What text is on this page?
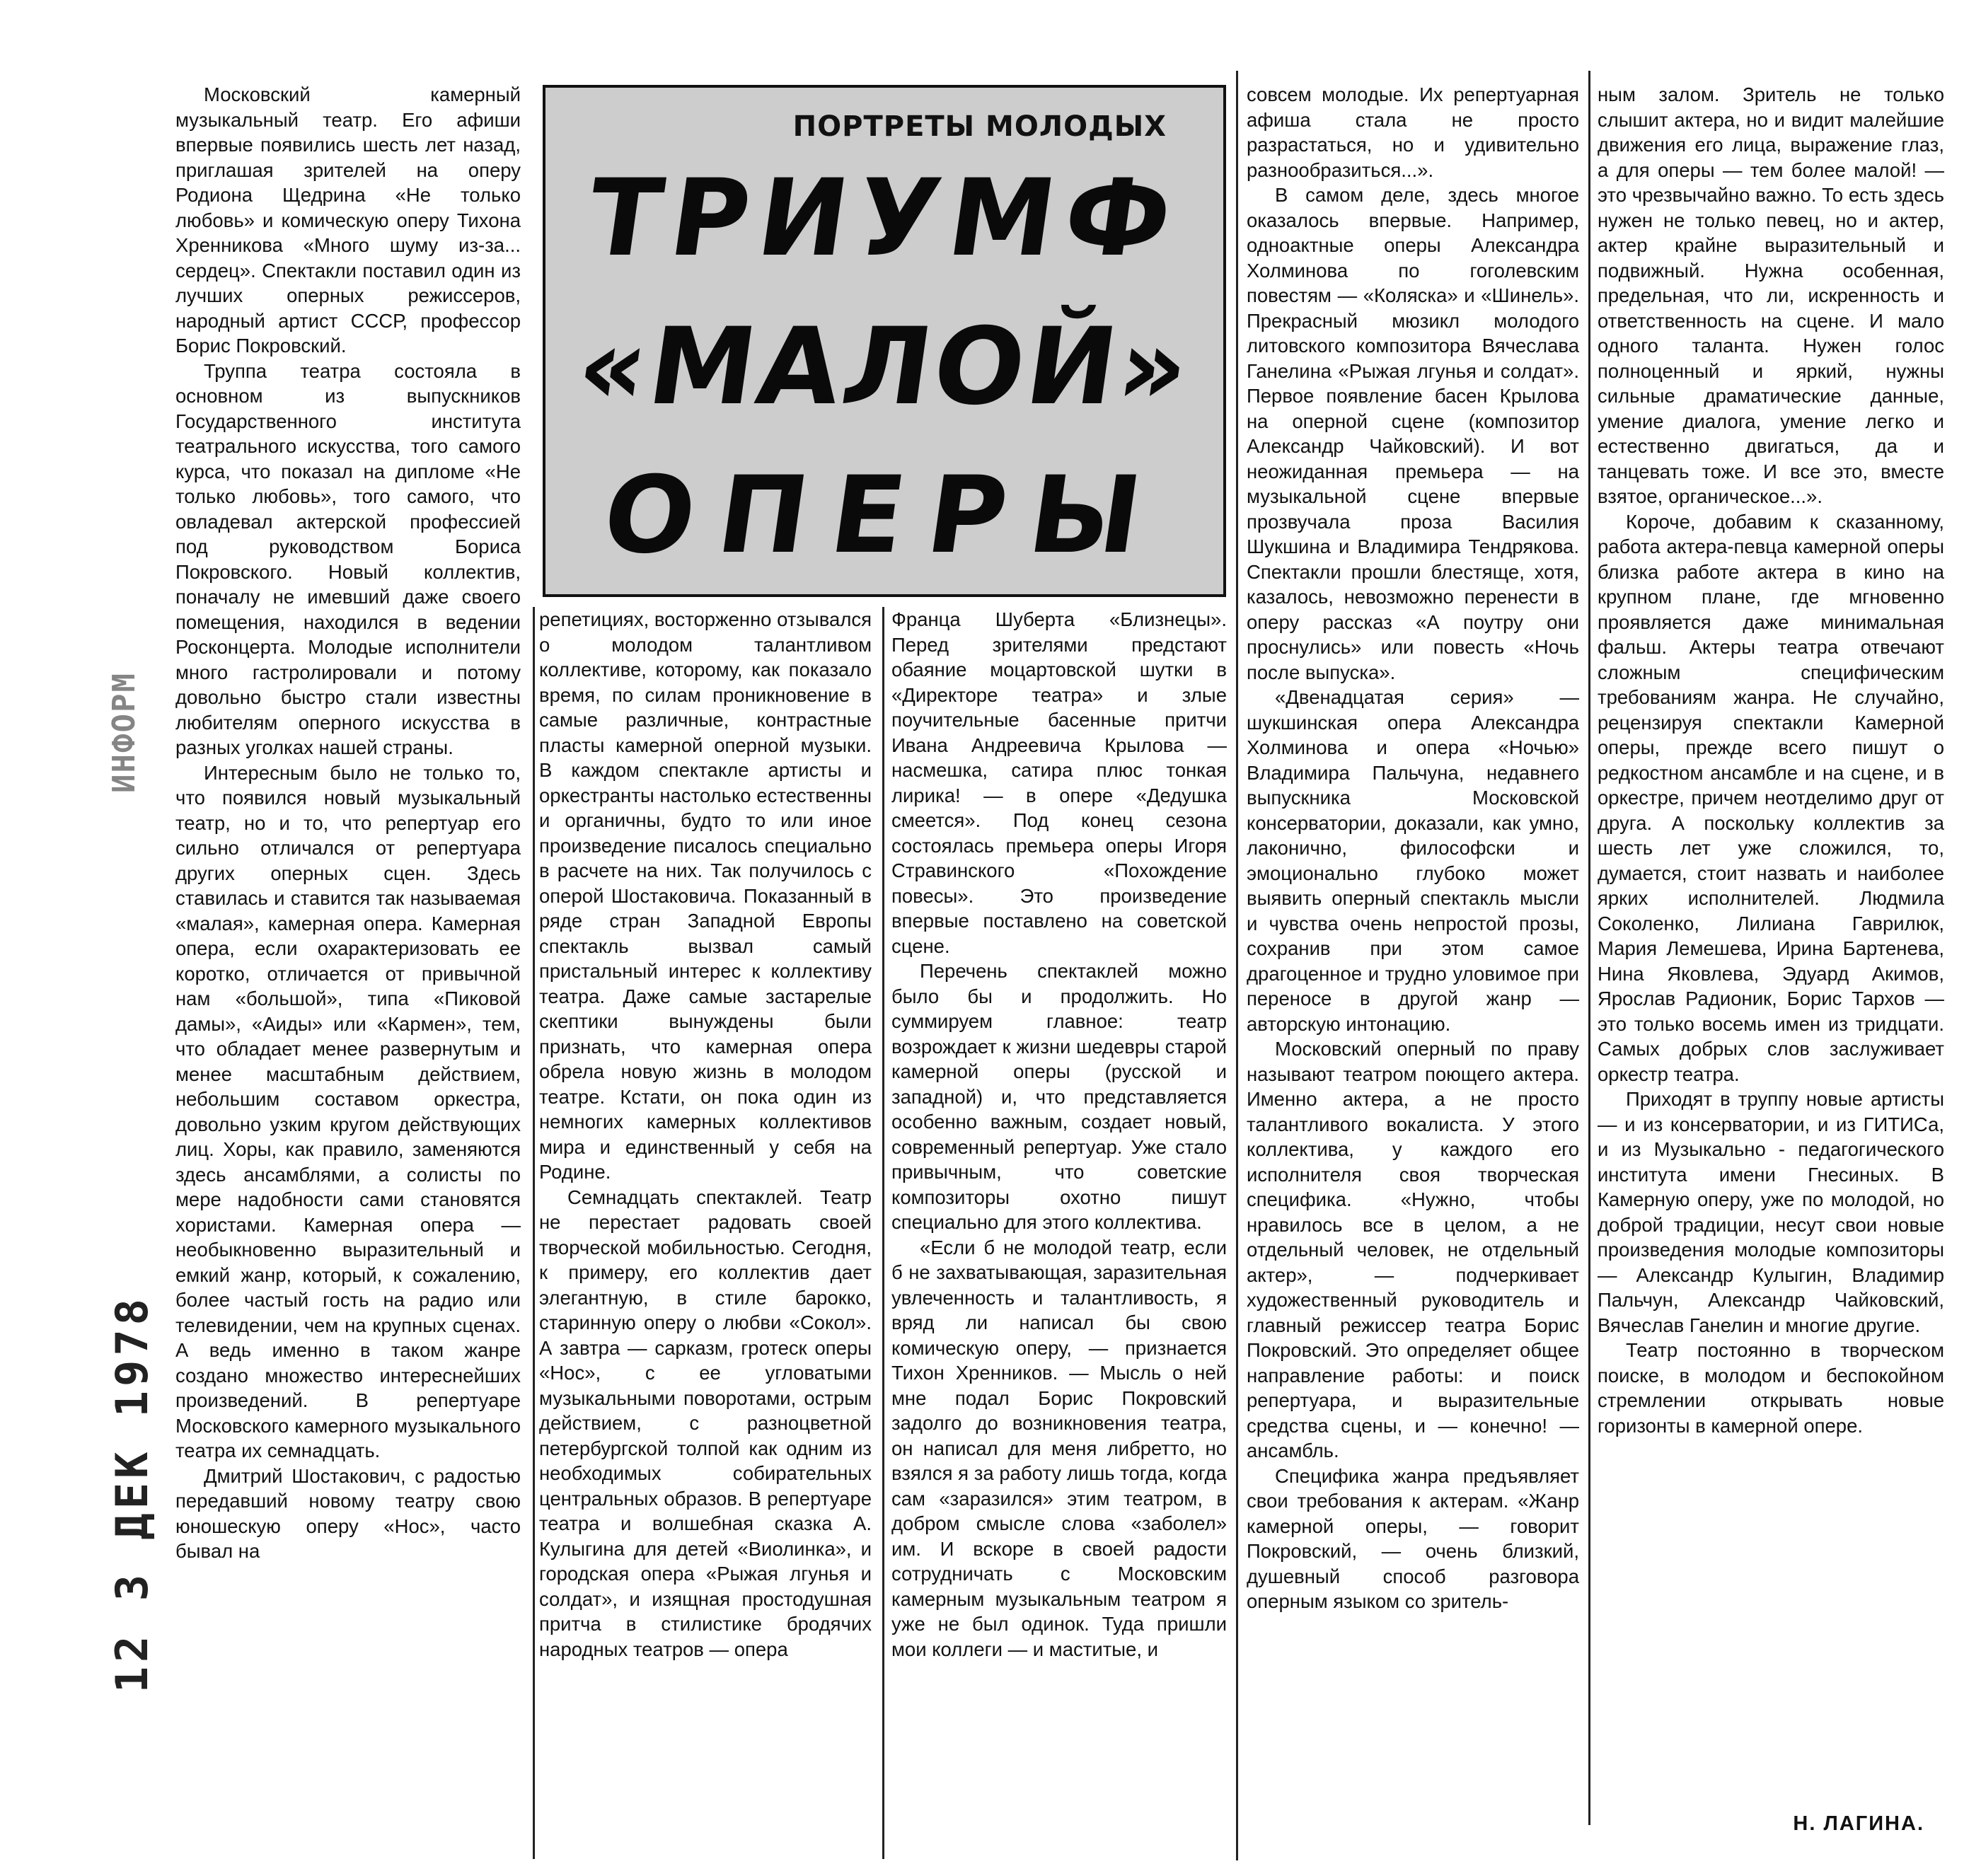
ПОРТРЕТЫ МОЛОДЫХ
ТРИУМФ
«МАЛОЙ»
ОПЕРЫ
ИНФОРМ
12 3 ДЕК 1978

Московский камерный музыкальный театр. Его афиши впервые появились шесть лет назад, приглашая зрителей на оперу Родиона Щедрина «Не только любовь» и комическую оперу Тихона Хренникова «Много шуму из-за... сердец». Спектакли поставил один из лучших оперных режиссеров, народный артист СССР, профессор Борис Покровский.

Труппа театра состояла в основном из выпускников Государственного института театрального искусства, того самого курса, что показал на дипломе «Не только любовь», того самого, что овладевал актерской профессией под руководством Бориса Покровского. Новый коллектив, поначалу не имевший даже своего помещения, находился в ведении Росконцерта. Молодые исполнители много гастролировали и потому довольно быстро стали известны любителям оперного искусства в разных уголках нашей страны.

Интересным было не только то, что появился новый музыкальный театр, но и то, что репертуар его сильно отличался от репертуара других оперных сцен. Здесь ставилась и ставится так называемая «малая», камерная опера. Камерная опера, если охарактеризовать ее коротко, отличается от привычной нам «большой», типа «Пиковой дамы», «Аиды» или «Кармен», тем, что обладает менее развернутым и менее масштабным действием, небольшим составом оркестра, довольно узким кругом действующих лиц. Хоры, как правило, заменяются здесь ансамблями, а солисты по мере надобности сами становятся хористами. Камерная опера — необыкновенно выразительный и емкий жанр, который, к сожалению, более частый гость на радио или телевидении, чем на крупных сценах. А ведь именно в таком жанре создано множество интереснейших произведений. В репертуаре Московского камерного музыкального театра их семнадцать.

Дмитрий Шостакович, с радостью передавший новому театру свою юношескую оперу «Нос», часто бывал на

репетициях, восторженно отзывался о молодом талантливом коллективе, которому, как показало время, по силам проникновение в самые различные, контрастные пласты камерной оперной музыки. В каждом спектакле артисты и оркестранты настолько естественны и органичны, будто то или иное произведение писалось специально в расчете на них. Так получилось с оперой Шостаковича. Показанный в ряде стран Западной Европы спектакль вызвал самый пристальный интерес к коллективу театра. Даже самые застарелые скептики вынуждены были признать, что камерная опера обрела новую жизнь в молодом театре. Кстати, он пока один из немногих камерных коллективов мира и единственный у себя на Родине.

Семнадцать спектаклей. Театр не перестает радовать своей творческой мобильностью. Сегодня, к примеру, его коллектив дает элегантную, в стиле барокко, старинную оперу о любви «Сокол». А завтра — сарказм, гротеск оперы «Нос», с ее угловатыми музыкальными поворотами, острым действием, с разноцветной петербургской толпой как одним из необходимых собирательных центральных образов. В репертуаре театра и волшебная сказка А. Кулыгина для детей «Виолинка», и городская опера «Рыжая лгунья и солдат», и изящная простодушная притча в стилистике бродячих народных театров — опера

Франца Шуберта «Близнецы». Перед зрителями предстают обаяние моцартовской шутки в «Директоре театра» и злые поучительные басенные притчи Ивана Андреевича Крылова — насмешка, сатира плюс тонкая лирика! — в опере «Дедушка смеется». Под конец сезона состоялась премьера оперы Игоря Стравинского «Похождение повесы». Это произведение впервые поставлено на советской сцене.

Перечень спектаклей можно было бы и продолжить. Но суммируем главное: театр возрождает к жизни шедевры старой камерной оперы (русской и западной) и, что представляется особенно важным, создает новый, современный репертуар. Уже стало привычным, что советские композиторы охотно пишут специально для этого коллектива.

«Если б не молодой театр, если б не захватывающая, заразительная увлеченность и талантливость, я вряд ли написал бы свою комическую оперу, — признается Тихон Хренников. — Мысль о ней мне подал Борис Покровский задолго до возникновения театра, он написал для меня либретто, но взялся я за работу лишь тогда, когда сам «заразился» этим театром, в добром смысле слова «заболел» им. И вскоре в своей радости сотрудничать с Московским камерным музыкальным театром я уже не был одинок. Туда пришли мои коллеги — и маститые, и

совсем молодые. Их репертуарная афиша стала не просто разрастаться, но и удивительно разнообразиться...».

В самом деле, здесь многое оказалось впервые. Например, одноактные оперы Александра Холминова по гоголевским повестям — «Коляска» и «Шинель». Прекрасный мюзикл молодого литовского композитора Вячеслава Ганелина «Рыжая лгунья и солдат». Первое появление басен Крылова на оперной сцене (композитор Александр Чайковский). И вот неожиданная премьера — на музыкальной сцене впервые прозвучала проза Василия Шукшина и Владимира Тендрякова. Спектакли прошли блестяще, хотя, казалось, невозможно перенести в оперу рассказ «А поутру они проснулись» или повесть «Ночь после выпуска».

«Двенадцатая серия» — шукшинская опера Александра Холминова и опера «Ночью» Владимира Пальчуна, недавнего выпускника Московской консерватории, доказали, как умно, лаконично, философски и эмоционально глубоко может выявить оперный спектакль мысли и чувства очень непростой прозы, сохранив при этом самое драгоценное и трудно уловимое при переносе в другой жанр — авторскую интонацию.

Московский оперный по праву называют театром поющего актера. Именно актера, а не просто талантливого вокалиста. У этого коллектива, у каждого его исполнителя своя творческая специфика. «Нужно, чтобы нравилось все в целом, а не отдельный человек, не отдельный актер», — подчеркивает художественный руководитель и главный режиссер театра Борис Покровский. Это определяет общее направление работы: и поиск репертуара, и выразительные средства сцены, и — конечно! — ансамбль.

Специфика жанра предъявляет свои требования к актерам. «Жанр камерной оперы, — говорит Покровский, — очень близкий, душевный способ разговора оперным языком со зритель-

ным залом. Зритель не только слышит актера, но и видит малейшие движения его лица, выражение глаз, а для оперы — тем более малой! — это чрезвычайно важно. То есть здесь нужен не только певец, но и актер, актер крайне выразительный и подвижный. Нужна особенная, предельная, что ли, искренность и ответственность на сцене. И мало одного таланта. Нужен голос полноценный и яркий, нужны сильные драматические данные, умение диалога, умение легко и естественно двигаться, да и танцевать тоже. И все это, вместе взятое, органическое...».

Короче, добавим к сказанному, работа актера-певца камерной оперы близка работе актера в кино на крупном плане, где мгновенно проявляется даже минимальная фальш. Актеры театра отвечают сложным специфическим требованиям жанра. Не случайно, рецензируя спектакли Камерной оперы, прежде всего пишут о редкостном ансамбле и на сцене, и в оркестре, причем неотделимо друг от друга. А поскольку коллектив за шесть лет уже сложился, то, думается, стоит назвать и наиболее ярких исполнителей. Людмила Соколенко, Лилиана Гаврилюк, Мария Лемешева, Ирина Бартенева, Нина Яковлева, Эдуард Акимов, Ярослав Радионик, Борис Тархов — это только восемь имен из тридцати. Самых добрых слов заслуживает оркестр театра.

Приходят в труппу новые артисты — и из консерватории, и из ГИТИСа, и из Музыкально - педагогического института имени Гнесиных. В Камерную оперу, уже по молодой, но доброй традиции, несут свои новые произведения молодые композиторы — Александр Кулыгин, Владимир Пальчун, Александр Чайковский, Вячеслав Ганелин и многие другие.

Театр постоянно в творческом поиске, в молодом и беспокойном стремлении открывать новые горизонты в камерной опере.

Н. ЛАГИНА.
